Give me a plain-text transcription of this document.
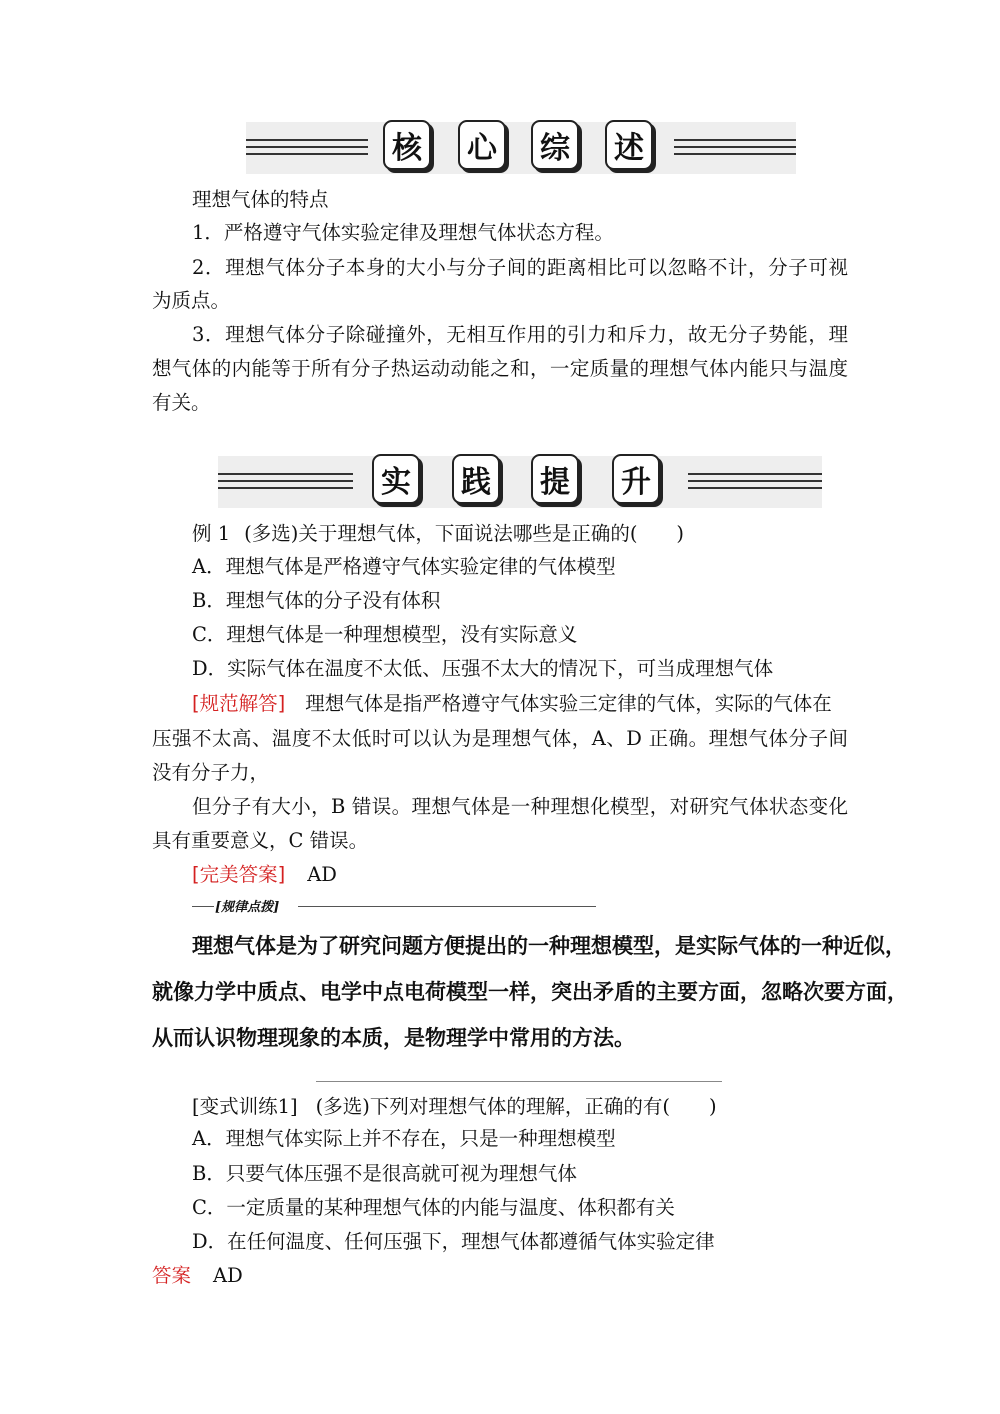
核	心	综	述
理想气体的特点
1．严格遵守气体实验定律及理想气体状态方程。
2．理想气体分子本身的大小与分子间的距离相比可以忽略不计，分子可视
为质点。
3．理想气体分子除碰撞外，无相互作用的引力和斥力，故无分子势能，理
想气体的内能等于所有分子热运动动能之和，一定质量的理想气体内能只与温度
有关。
实	践	提	升
例 1 (多选)关于理想气体，下面说法哪些是正确的(　　)
A．理想气体是严格遵守气体实验定律的气体模型
B．理想气体的分子没有体积
C．理想气体是一种理想模型，没有实际意义
D．实际气体在温度不太低、压强不太大的情况下，可当成理想气体
[规范解答] 理想气体是指严格遵守气体实验三定律的气体，实际的气体在
压强不太高、温度不太低时可以认为是理想气体，A、D 正确。理想气体分子间
没有分子力，
但分子有大小，B 错误。理想气体是一种理想化模型，对研究气体状态变化
具有重要意义，C 错误。
[完美答案] AD
[规律点拨]
理想气体是为了研究问题方便提出的一种理想模型，是实际气体的一种近似，
就像力学中质点、电学中点电荷模型一样，突出矛盾的主要方面，忽略次要方面，
从而认识物理现象的本质，是物理学中常用的方法。
[变式训练1] (多选)下列对理想气体的理解，正确的有(　　)
A．理想气体实际上并不存在，只是一种理想模型
B．只要气体压强不是很高就可视为理想气体
C．一定质量的某种理想气体的内能与温度、体积都有关
D．在任何温度、任何压强下，理想气体都遵循气体实验定律
答案 AD
